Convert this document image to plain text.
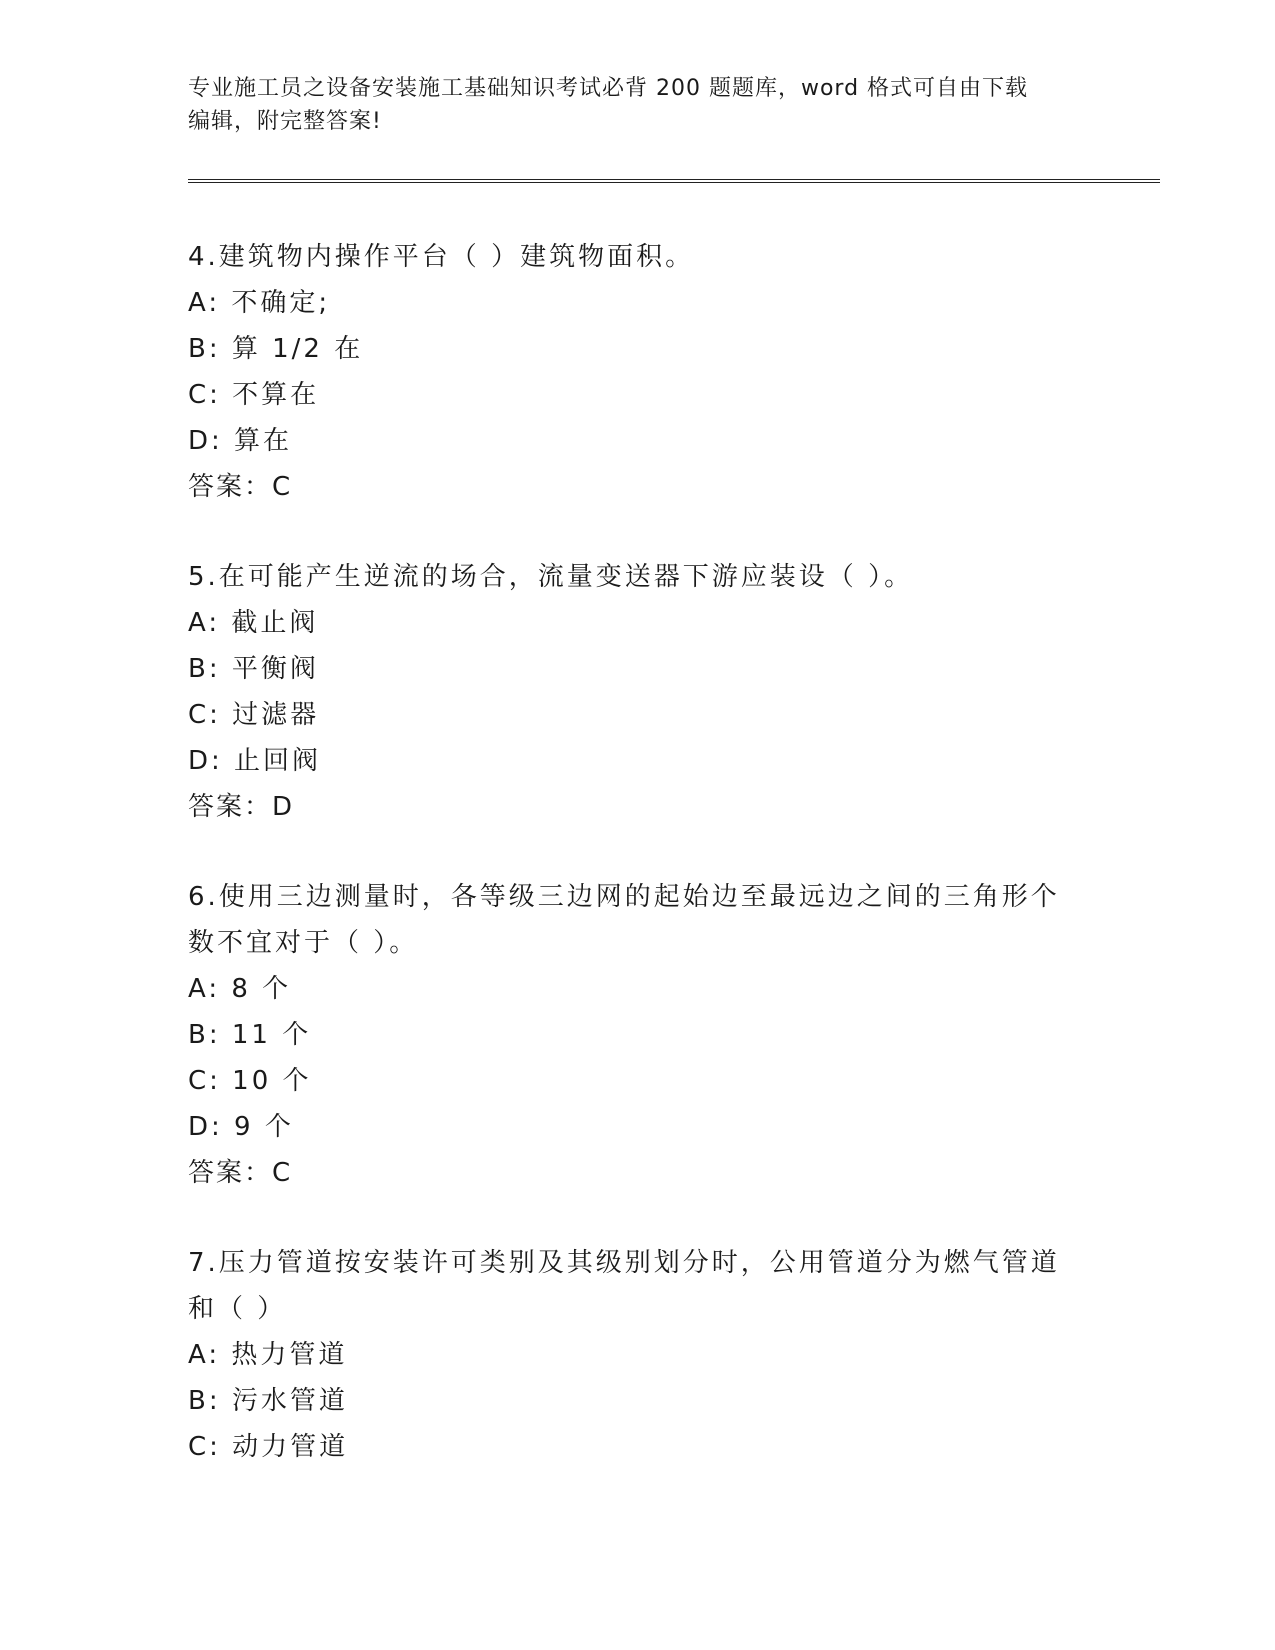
专业施工员之设备安装施工基础知识考试必背 200 题题库，word 格式可自由下载
编辑，附完整答案!

4.建筑物内操作平台（ ）建筑物面积。

A: 不确定;

B: 算 1/2 在

C: 不算在

D: 算在

答案：C

5.在可能产生逆流的场合，流量变送器下游应装设（ ）。

A: 截止阀

B: 平衡阀

C: 过滤器

D: 止回阀

答案：D

6.使用三边测量时，各等级三边网的起始边至最远边之间的三角形个

数不宜对于（ ）。

A: 8 个

B: 11 个

C: 10 个

D: 9 个

答案：C

7.压力管道按安装许可类别及其级别划分时，公用管道分为燃气管道

和（ ）

A: 热力管道

B: 污水管道

C: 动力管道
